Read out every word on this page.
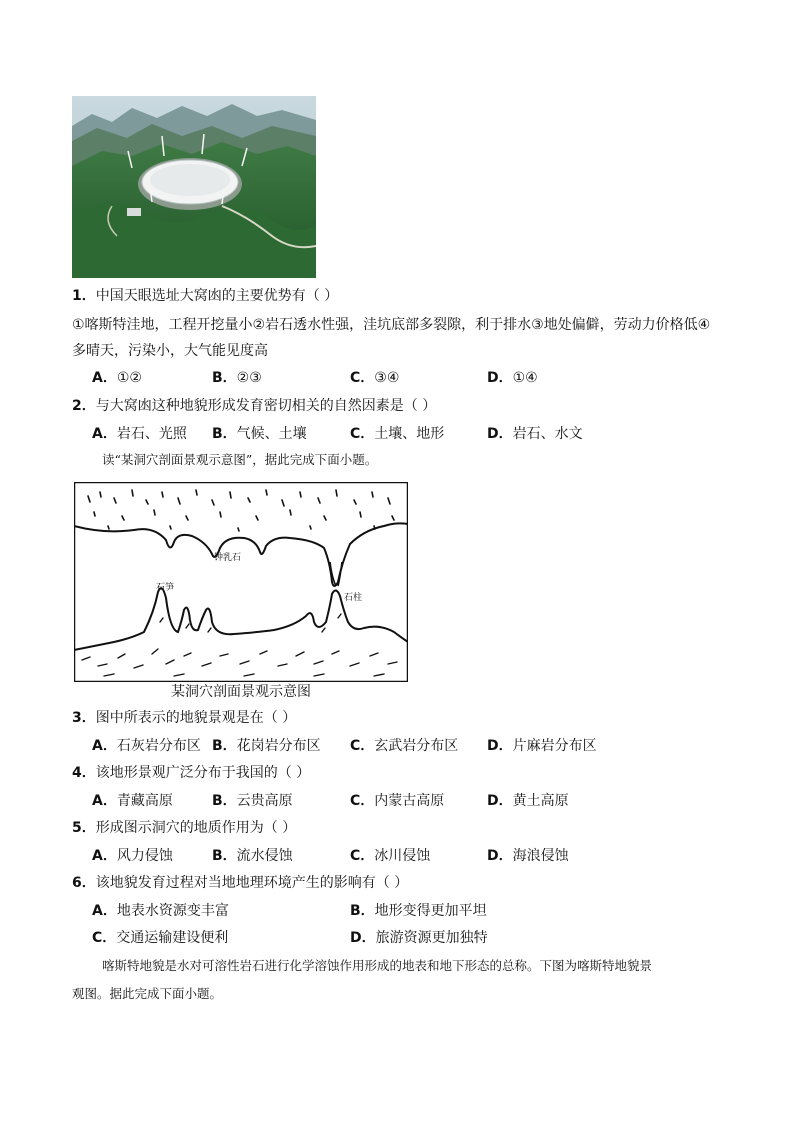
1．中国天眼选址大窝凼的主要优势有（ ）
①喀斯特洼地，工程开挖量小②岩石透水性强，洼坑底部多裂隙，利于排水③地处偏僻，劳动力价格低④
多晴天，污染小，大气能见度高
A．①②	B．②③	C．③④	D．①④
2．与大窝凼这种地貌形成发育密切相关的自然因素是（ ）
A．岩石、光照 B．气候、土壤	C．土壤、地形	D．岩石、水文
读“某洞穴剖面景观示意图”，据此完成下面小题。
钟乳石
石笋
石柱
某洞穴剖面景观示意图
3．图中所表示的地貌景观是在（ ）
A．石灰岩分布区 B．花岗岩分布区 C．玄武岩分布区 D．片麻岩分布区
4．该地形景观广泛分布于我国的（ ）
A．青藏高原	B．云贵高原	C．内蒙古高原	D．黄土高原
5．形成图示洞穴的地质作用为（ ）
A．风力侵蚀	B．流水侵蚀	C．冰川侵蚀	D．海浪侵蚀
6．该地貌发育过程对当地地理环境产生的影响有（ ）
A．地表水资源变丰富	B．地形变得更加平坦
C．交通运输建设便利	D．旅游资源更加独特
喀斯特地貌是水对可溶性岩石进行化学溶蚀作用形成的地表和地下形态的总称。下图为喀斯特地貌景
观图。据此完成下面小题。
